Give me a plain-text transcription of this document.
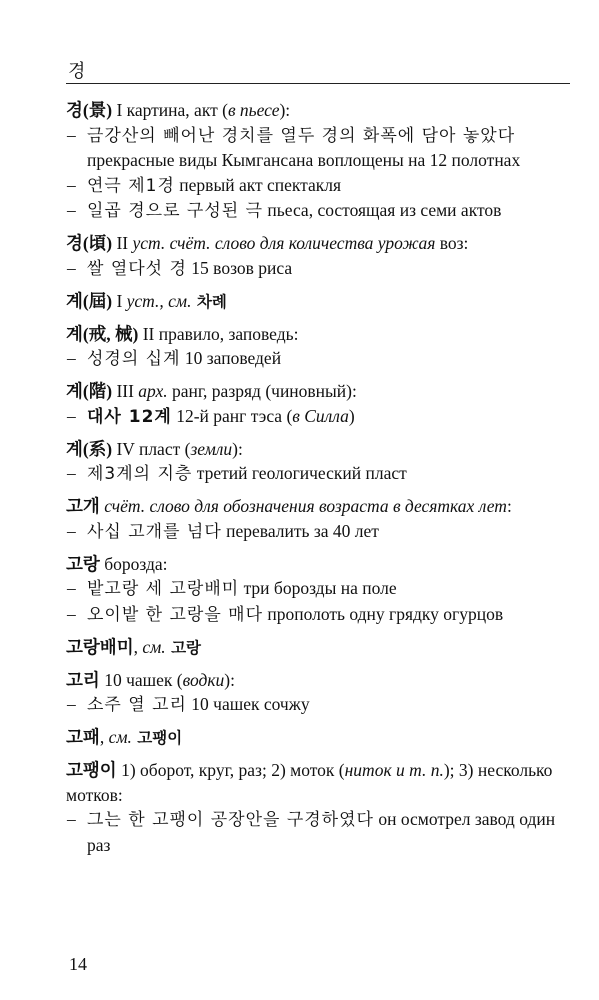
경
경(景) I картина, акт (в пьесе):
– 금강산의 빼어난 경치를 열두 경의 화폭에 담아 놓았다 прекрасные виды Кымгансана воплощены на 12 полотнах
– 연극 제1경 первый акт спектакля
– 일곱 경으로 구성된 극 пьеса, состоящая из семи актов
경(頃) II уст. счёт. слово для количества урожая воз:
– 쌀 열다섯 경 15 возов риса
계(屆) I уст., см. 차례
계(戒, 械) II правило, заповедь:
– 성경의 십계 10 заповедей
계(階) III арх. ранг, разряд (чиновный):
– 대사 12계 12-й ранг тэса (в Силла)
계(系) IV пласт (земли):
– 제3계의 지층 третий геологический пласт
고개 счёт. слово для обозначения возраста в десятках лет:
– 사십 고개를 넘다 перевалить за 40 лет
고랑 борозда:
– 밭고랑 세 고랑배미 три борозды на поле
– 오이밭 한 고랑을 매다 прополоть одну грядку огурцов
고랑배미, см. 고랑
고리 10 чашек (водки):
– 소주 열 고리 10 чашек сочжу
고패, см. 고팽이
고팽이 1) оборот, круг, раз; 2) моток (ниток и т. п.); 3) несколько мотков:
– 그는 한 고팽이 공장안을 구경하였다 он осмотрел завод один раз
14
